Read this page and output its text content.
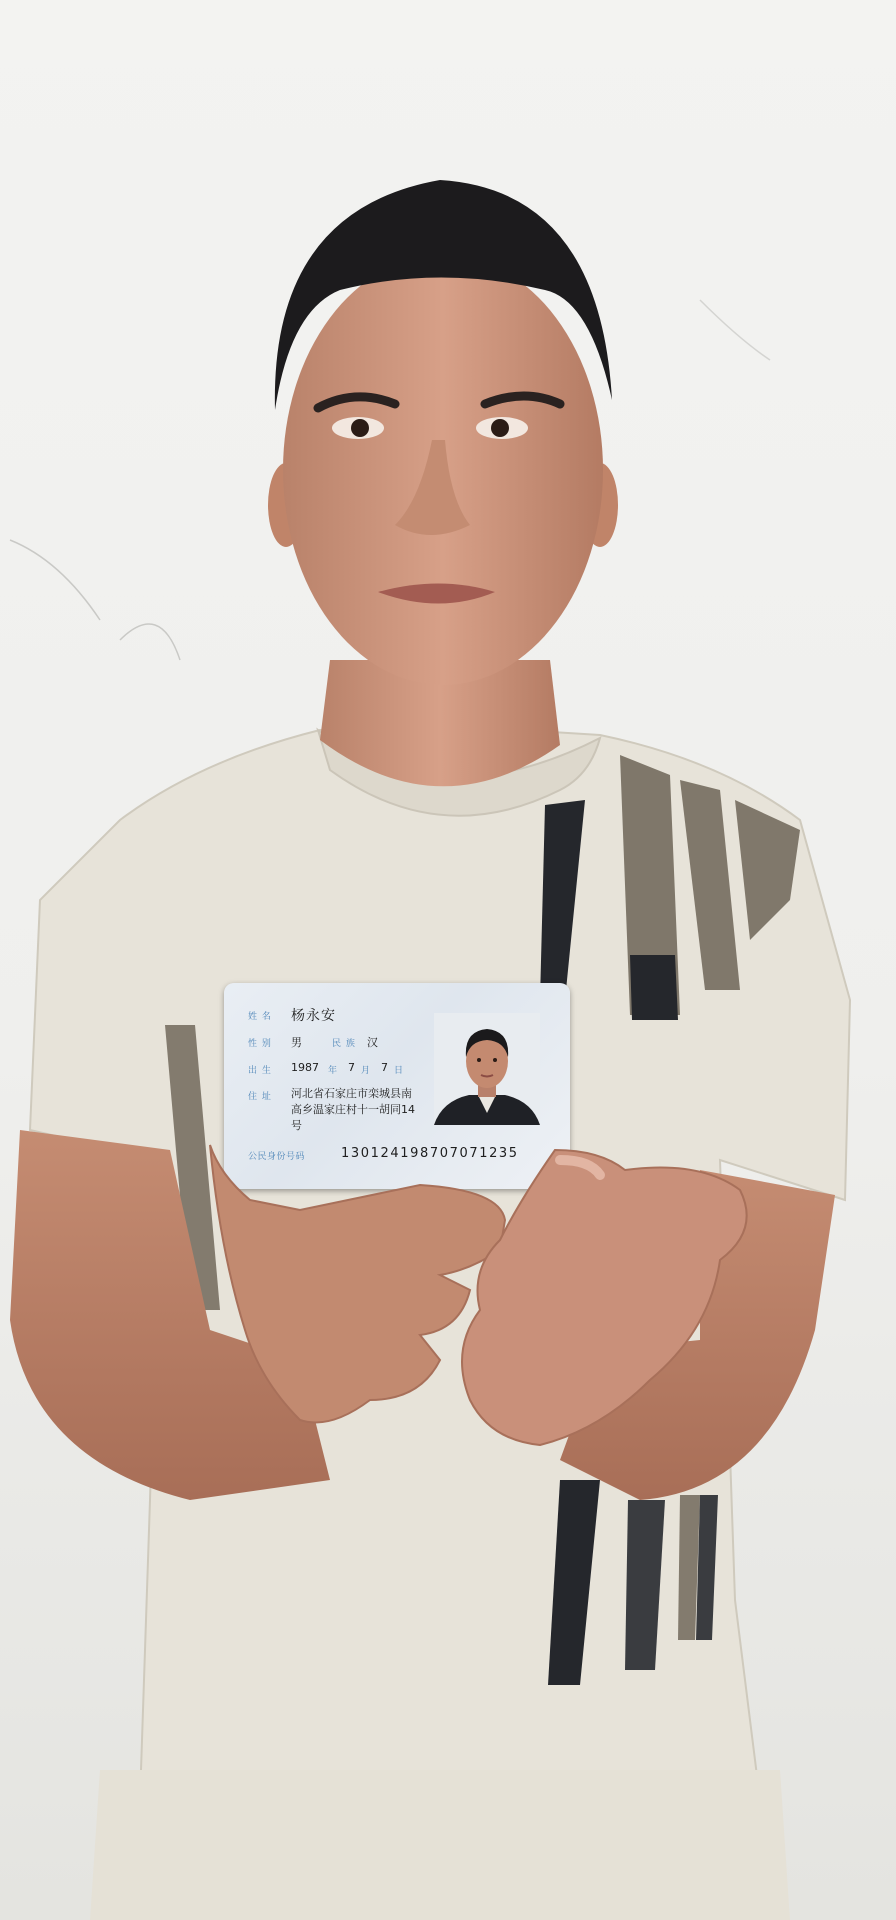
姓 名 杨永安
性 别 男	民 族 汉
出 生 1987 年 7 月 7 日
住 址 河北省石家庄市栾城县南
高乡温家庄村十一胡同14
号
公民身份号码	130124198707071235
